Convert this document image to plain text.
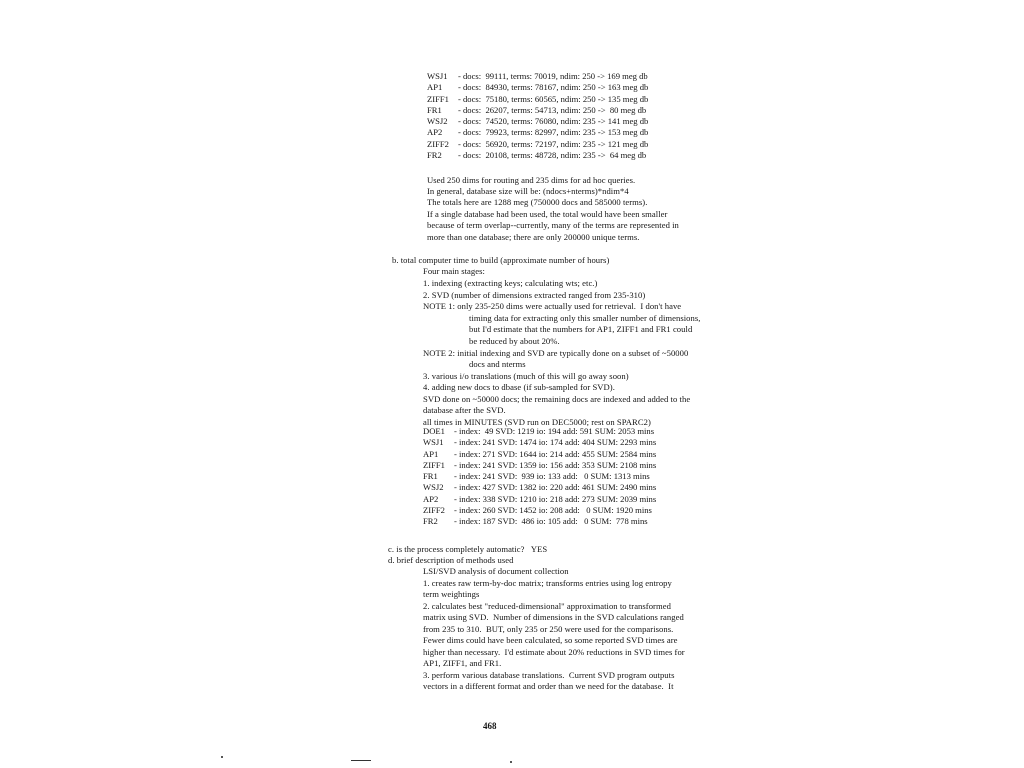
WSJ1 - docs:  99111, terms: 70019, ndim: 250 -> 169 meg db
AP1 - docs:  84930, terms: 78167, ndim: 250 -> 163 meg db
ZIFF1 - docs:  75180, terms: 60565, ndim: 250 -> 135 meg db
FR1 - docs:  26207, terms: 54713, ndim: 250 ->  80 meg db
WSJ2 - docs:  74520, terms: 76080, ndim: 235 -> 141 meg db
AP2 - docs:  79923, terms: 82997, ndim: 235 -> 153 meg db
ZIFF2 - docs:  56920, terms: 72197, ndim: 235 -> 121 meg db
FR2 - docs:  20108, terms: 48728, ndim: 235 ->  64 meg db
Used 250 dims for routing and 235 dims for ad hoc queries.
In general, database size will be: (ndocs+nterms)*ndim*4
The totals here are 1288 meg (750000 docs and 585000 terms).
If a single database had been used, the total would have been smaller
because of term overlap--currently, many of the terms are represented in
more than one database; there are only 200000 unique terms.
b. total computer time to build (approximate number of hours)
Four main stages:
1. indexing (extracting keys; calculating wts; etc.)
2. SVD (number of dimensions extracted ranged from 235-310)
NOTE 1: only 235-250 dims were actually used for retrieval.  I don't have
timing data for extracting only this smaller number of dimensions,
but I'd estimate that the numbers for AP1, ZIFF1 and FR1 could
be reduced by about 20%.
NOTE 2: initial indexing and SVD are typically done on a subset of ~50000
docs and nterms
3. various i/o translations (much of this will go away soon)
4. adding new docs to dbase (if sub-sampled for SVD).
SVD done on ~50000 docs; the remaining docs are indexed and added to the
database after the SVD.
all times in MINUTES (SVD run on DEC5000; rest on SPARC2)
DOE1 - index:  49 SVD: 1219 io: 194 add: 591 SUM: 2053 mins
WSJ1 - index: 241 SVD: 1474 io: 174 add: 404 SUM: 2293 mins
AP1 - index: 271 SVD: 1644 io: 214 add: 455 SUM: 2584 mins
ZIFF1 - index: 241 SVD: 1359 io: 156 add: 353 SUM: 2108 mins
FR1 - index: 241 SVD:  939 io: 133 add:   0 SUM: 1313 mins
WSJ2 - index: 427 SVD: 1382 io: 220 add: 461 SUM: 2490 mins
AP2 - index: 338 SVD: 1210 io: 218 add: 273 SUM: 2039 mins
ZIFF2 - index: 260 SVD: 1452 io: 208 add:   0 SUM: 1920 mins
FR2 - index: 187 SVD:  486 io: 105 add:   0 SUM:  778 mins
c. is the process completely automatic?   YES
d. brief description of methods used
LSI/SVD analysis of document collection
1. creates raw term-by-doc matrix; transforms entries using log entropy
term weightings
2. calculates best "reduced-dimensional" approximation to transformed
matrix using SVD.  Number of dimensions in the SVD calculations ranged
from 235 to 310.  BUT, only 235 or 250 were used for the comparisons.
Fewer dims could have been calculated, so some reported SVD times are
higher than necessary.  I'd estimate about 20% reductions in SVD times for
AP1, ZIFF1, and FR1.
3. perform various database translations.  Current SVD program outputs
vectors in a different format and order than we need for the database.  It
468
